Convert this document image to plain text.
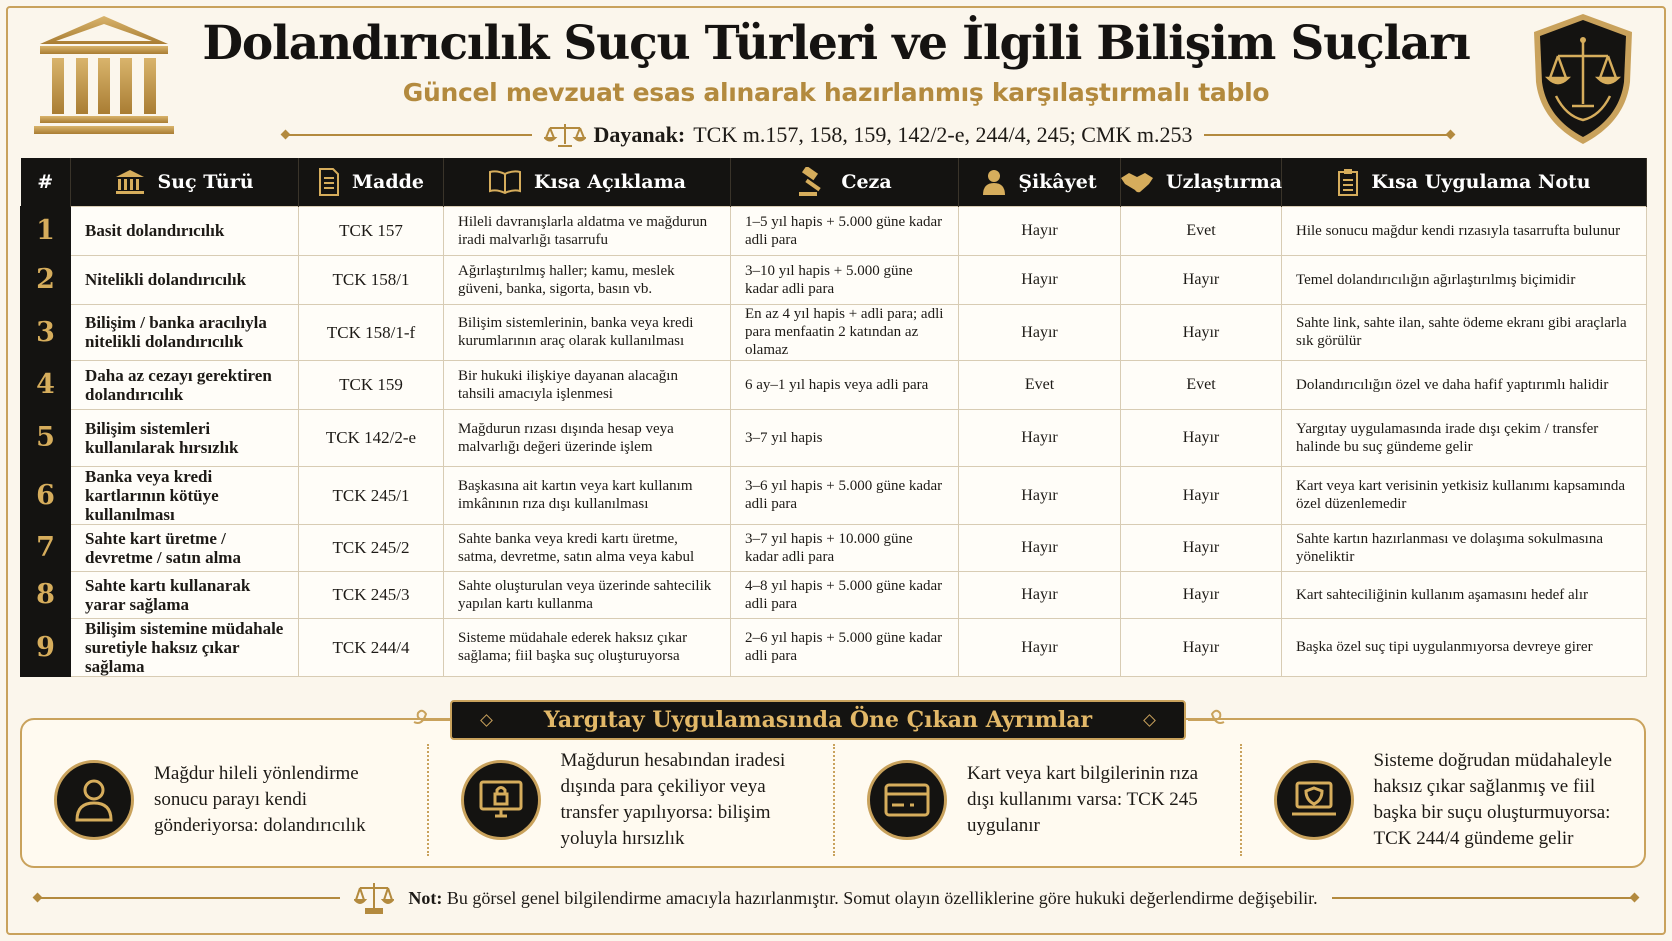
Dolandırıcılık Suçu Türleri ve İlgili Bilişim Suçları
Güncel mevzuat esas alınarak hazırlanmış karşılaştırmalı tablo
Dayanak: TCK m.157, 158, 159, 142/2-e, 244/4, 245; CMK m.253
#	Suç Türü	Madde	Kısa Açıklama	Ceza	Şikâyet	Uzlaştırma	Kısa Uygulama Notu

1	Basit dolandırıcılık	TCK 157	Hileli davranışlarla aldatma ve mağdurun iradi malvarlığı tasarrufu	1–5 yıl hapis + 5.000 güne kadar adli para	Hayır	Evet	Hile sonucu mağdur kendi rızasıyla tasarrufta bulunur
2	Nitelikli dolandırıcılık	TCK 158/1	Ağırlaştırılmış haller; kamu, meslek güveni, banka, sigorta, basın vb.	3–10 yıl hapis + 5.000 güne kadar adli para	Hayır	Hayır	Temel dolandırıcılığın ağırlaştırılmış biçimidir
3	Bilişim / banka aracılıyla nitelikli dolandırıcılık	TCK 158/1-f	Bilişim sistemlerinin, banka veya kredi kurumlarının araç olarak kullanılması	En az 4 yıl hapis + adli para; adli para menfaatin 2 katından az olamaz	Hayır	Hayır	Sahte link, sahte ilan, sahte ödeme ekranı gibi araçlarla sık görülür
4	Daha az cezayı gerektiren dolandırıcılık	TCK 159	Bir hukuki ilişkiye dayanan alacağın tahsili amacıyla işlenmesi	6 ay–1 yıl hapis veya adli para	Evet	Evet	Dolandırıcılığın özel ve daha hafif yaptırımlı halidir
5	Bilişim sistemleri kullanılarak hırsızlık	TCK 142/2-e	Mağdurun rızası dışında hesap veya malvarlığı değeri üzerinde işlem	3–7 yıl hapis	Hayır	Hayır	Yargıtay uygulamasında irade dışı çekim / transfer halinde bu suç gündeme gelir
6	Banka veya kredi kartlarının kötüye kullanılması	TCK 245/1	Başkasına ait kartın veya kart kullanım imkânının rıza dışı kullanılması	3–6 yıl hapis + 5.000 güne kadar adli para	Hayır	Hayır	Kart veya kart verisinin yetkisiz kullanımı kapsamında özel düzenlemedir
7	Sahte kart üretme / devretme / satın alma	TCK 245/2	Sahte banka veya kredi kartı üretme, satma, devretme, satın alma veya kabul	3–7 yıl hapis + 10.000 güne kadar adli para	Hayır	Hayır	Sahte kartın hazırlanması ve dolaşıma sokulmasına yöneliktir
8	Sahte kartı kullanarak yarar sağlama	TCK 245/3	Sahte oluşturulan veya üzerinde sahtecilik yapılan kartı kullanma	4–8 yıl hapis + 5.000 güne kadar adli para	Hayır	Hayır	Kart sahteciliğinin kullanım aşamasını hedef alır
9	Bilişim sistemine müdahale suretiyle haksız çıkar sağlama	TCK 244/4	Sisteme müdahale ederek haksız çıkar sağlama; fiil başka suç oluşturuyorsa	2–6 yıl hapis + 5.000 güne kadar adli para	Hayır	Hayır	Başka özel suç tipi uygulanmıyorsa devreye girer
Yargıtay Uygulamasında Öne Çıkan Ayrımlar
Mağdur hileli yönlendirme sonucu parayı kendi gönderiyorsa: dolandırıcılık
Mağdurun hesabından iradesi dışında para çekiliyor veya transfer yapılıyorsa: bilişim yoluyla hırsızlık
Kart veya kart bilgilerinin rıza dışı kullanımı varsa: TCK 245 uygulanır
Sisteme doğrudan müdahaleyle haksız çıkar sağlanmış ve fiil başka bir suçu oluşturmuyorsa: TCK 244/4 gündeme gelir
Not: Bu görsel genel bilgilendirme amacıyla hazırlanmıştır. Somut olayın özelliklerine göre hukuki değerlendirme değişebilir.
